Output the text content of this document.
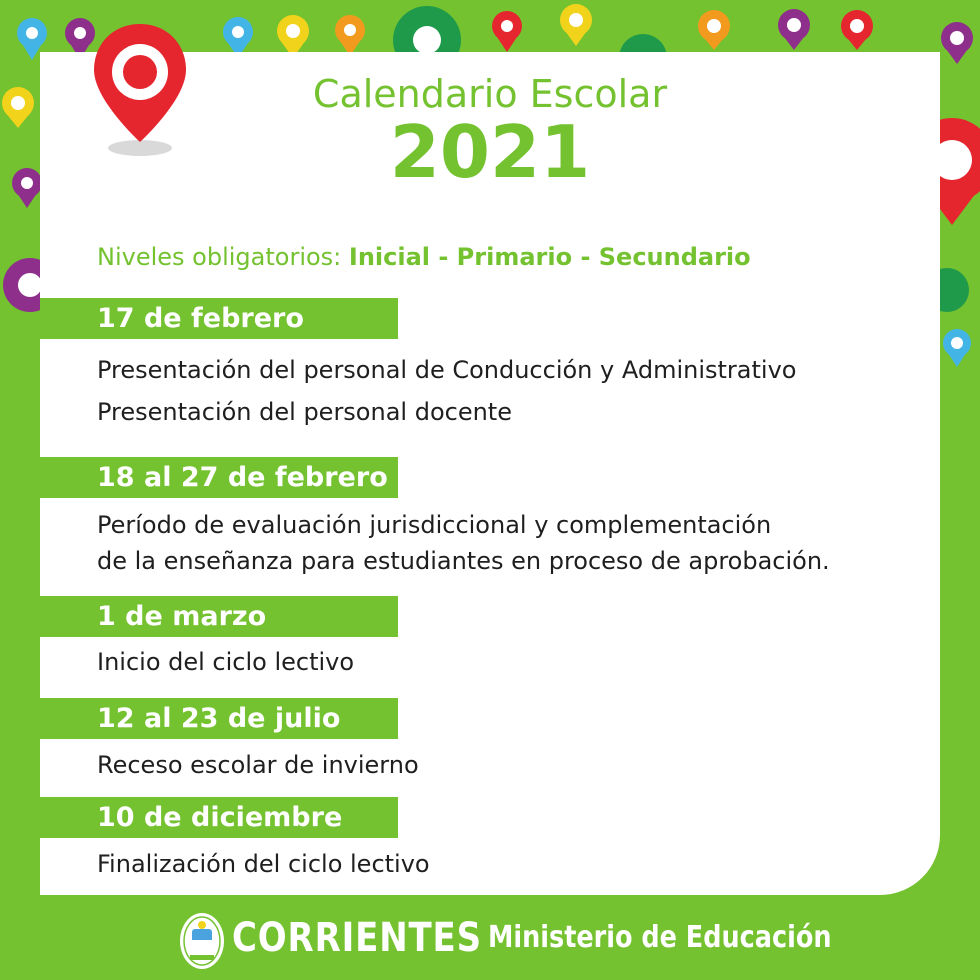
Calendario Escolar
2021
Niveles obligatorios: Inicial - Primario - Secundario
17 de febrero
Presentación del personal de Conducción y Administrativo
Presentación del personal docente
18 al 27 de febrero
Período de evaluación jurisdiccional y complementación
de la enseñanza para estudiantes en proceso de aprobación.
1 de marzo
Inicio del ciclo lectivo
12 al 23 de julio
Receso escolar de invierno
10 de diciembre
Finalización del ciclo lectivo
CORRIENTES Ministerio de Educación
